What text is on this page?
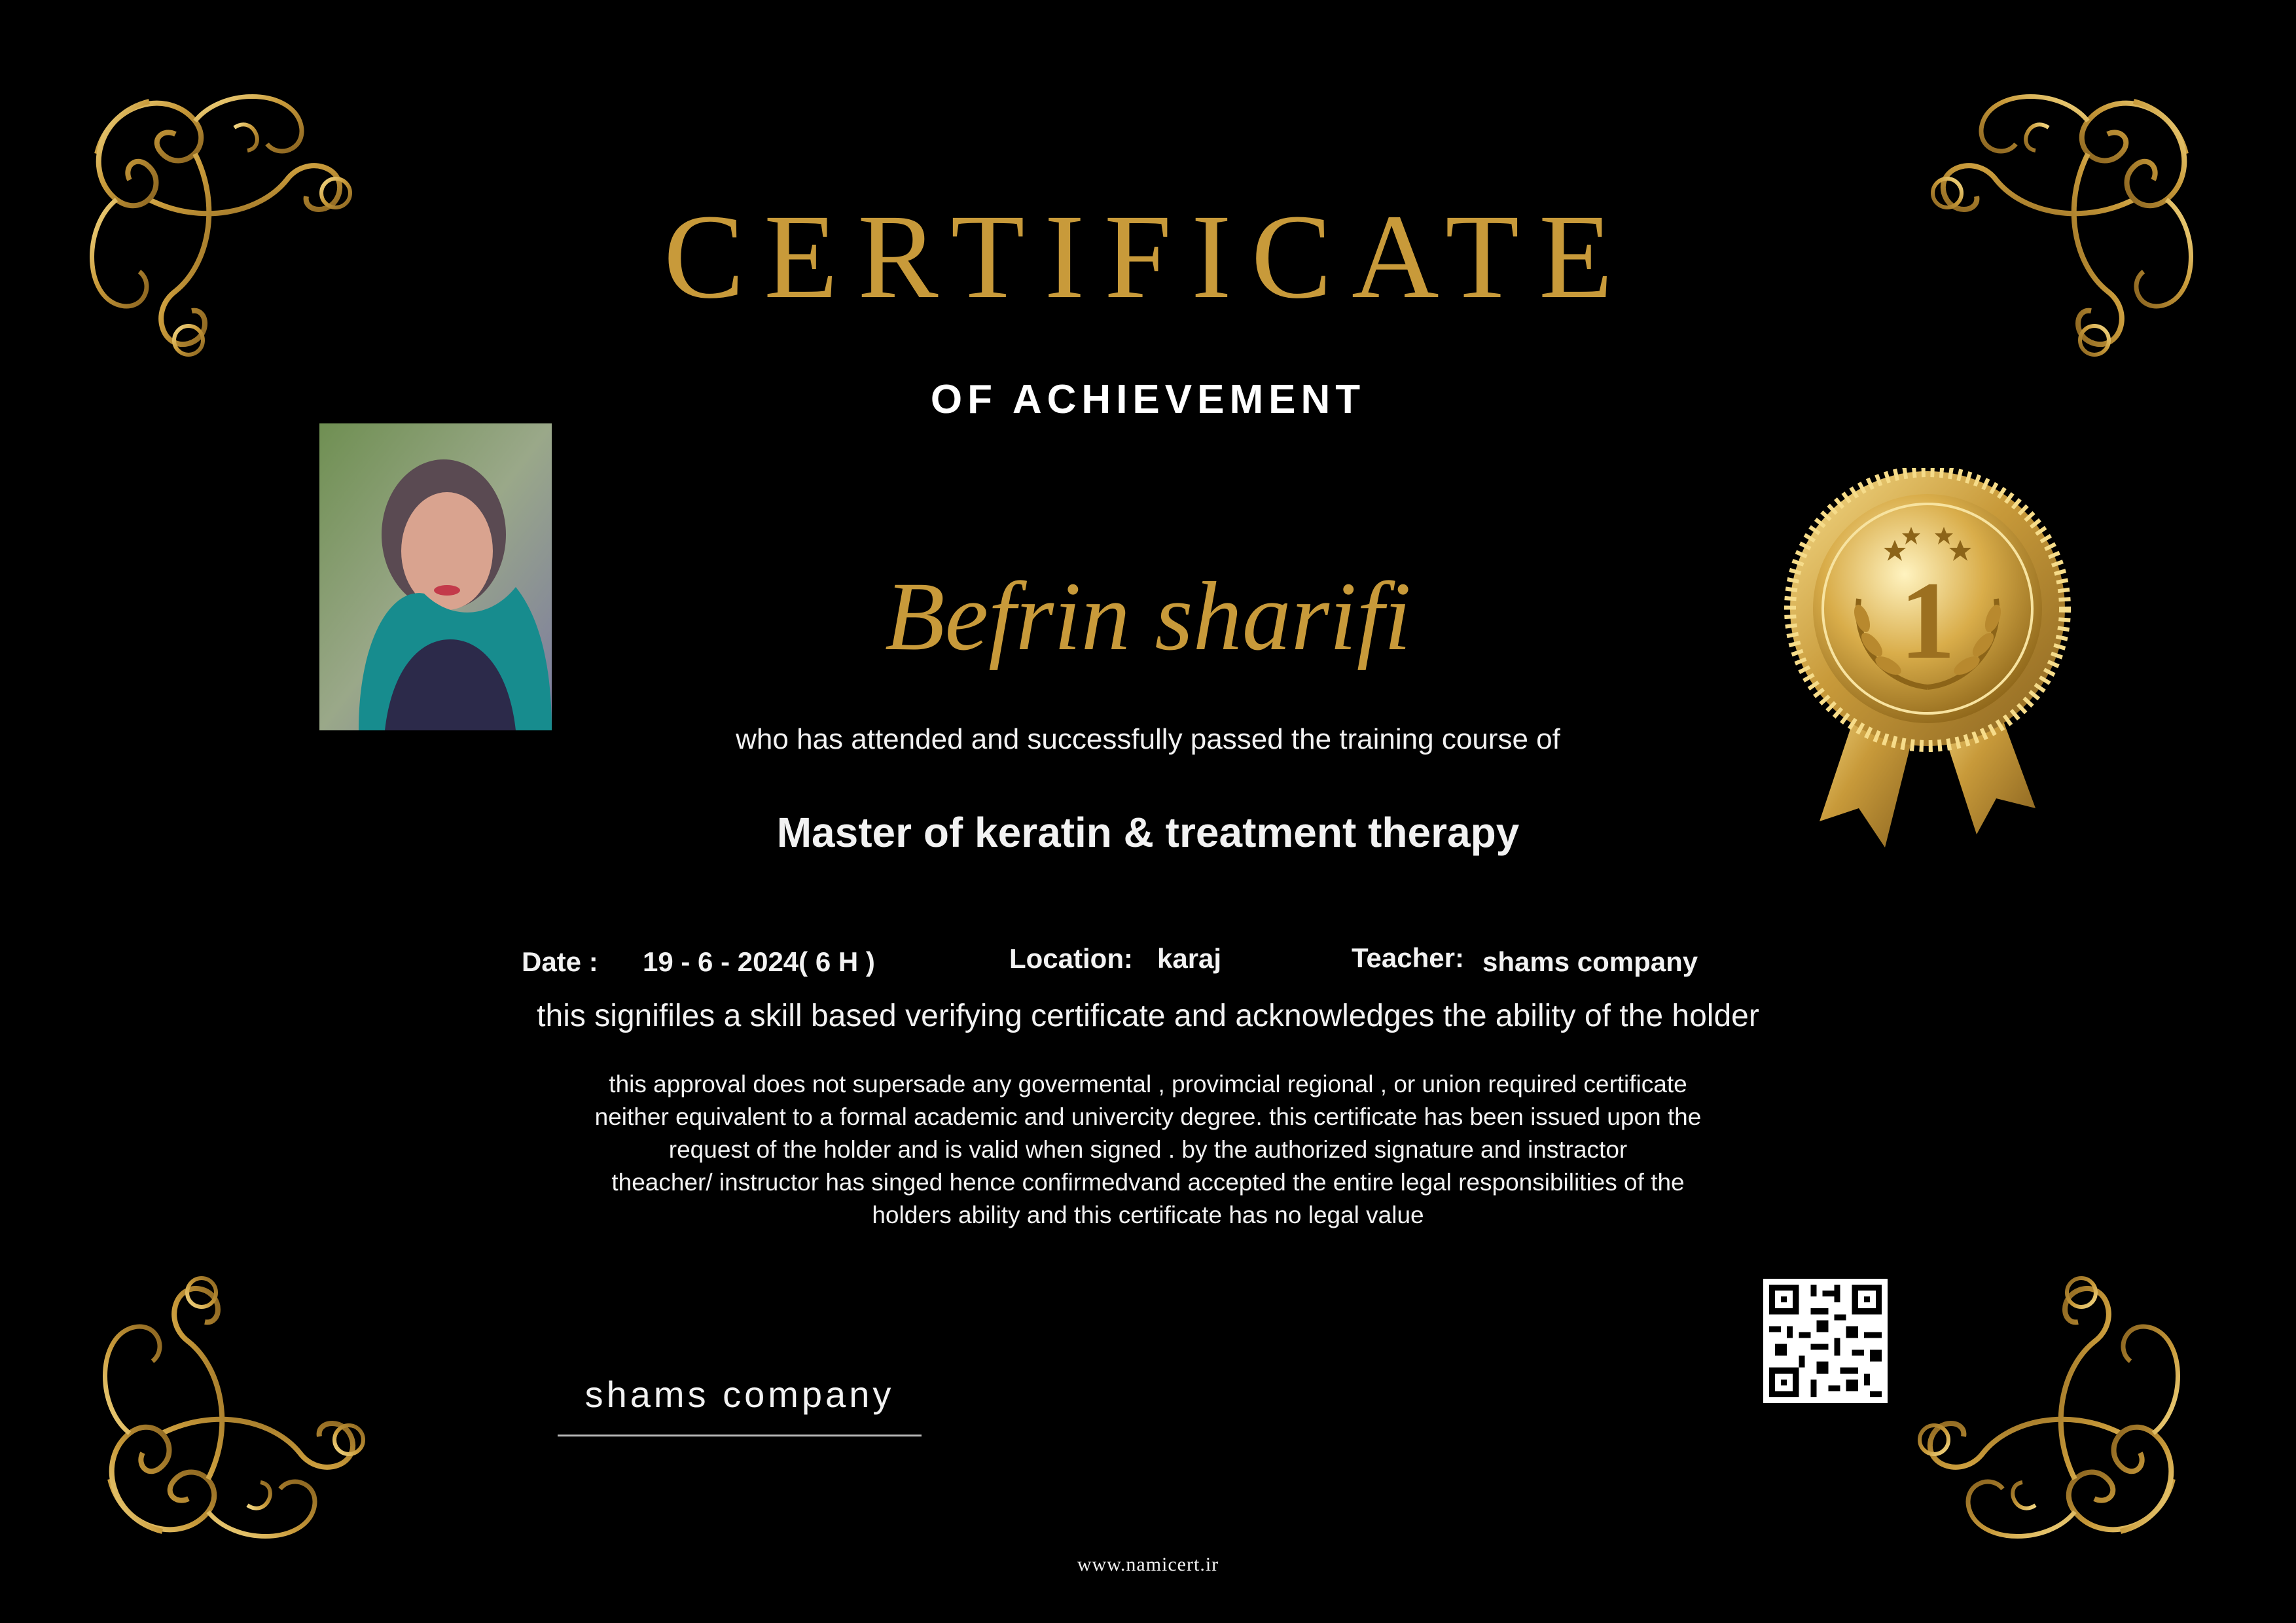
CERTIFICATE
OF ACHIEVEMENT
Befrin sharifi
who has attended and successfully passed the training course of
Master of keratin & treatment therapy
Date : 19 - 6 - 2024( 6 H )	Location: karaj	Teacher: shams company
this signifiles a skill based verifying certificate and acknowledges the ability of the holder
this approval does not supersade any govermental , provimcial regional , or union required certificate
neither equivalent to a formal academic and univercity degree. this certificate has been issued upon the
request of the holder and is valid when signed . by the authorized signature and instractor
theacher/ instructor has singed hence confirmedvand accepted the entire legal responsibilities of the
holders ability and this certificate has no legal value
shams company
1
www.namicert.ir
